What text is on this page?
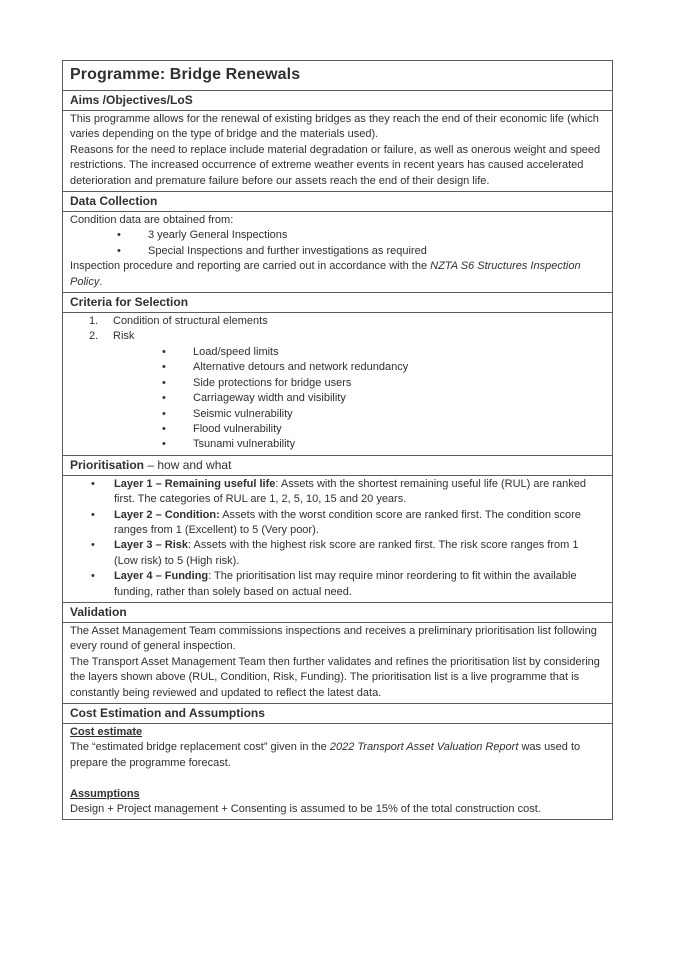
Programme: Bridge Renewals
Aims /Objectives/LoS

This programme allows for the renewal of existing bridges as they reach the end of their economic life (which varies depending on the type of bridge and the materials used).

Reasons for the need to replace include material degradation or failure, as well as onerous weight and speed restrictions. The increased occurrence of extreme weather events in recent years has caused accelerated deterioration and premature failure before our assets reach the end of their design life.

Data Collection

Condition data are obtained from:

• 3 yearly General Inspections
• Special Inspections and further investigations as required

Inspection procedure and reporting are carried out in accordance with the NZTA S6 Structures Inspection Policy.

Criteria for Selection
1. Condition of structural elements
2. Risk
• Load/speed limits
• Alternative detours and network redundancy
• Side protections for bridge users
• Carriageway width and visibility
• Seismic vulnerability
• Flood vulnerability
• Tsunami vulnerability
Prioritisation – how and what
• Layer 1 – Remaining useful life: Assets with the shortest remaining useful life (RUL) are ranked first. The categories of RUL are 1, 2, 5, 10, 15 and 20 years.
• Layer 2 – Condition: Assets with the worst condition score are ranked first. The condition score ranges from 1 (Excellent) to 5 (Very poor).
• Layer 3 – Risk: Assets with the highest risk score are ranked first. The risk score ranges from 1 (Low risk) to 5 (High risk).
• Layer 4 – Funding: The prioritisation list may require minor reordering to fit within the available funding, rather than solely based on actual need.
Validation

The Asset Management Team commissions inspections and receives a preliminary prioritisation list following every round of general inspection.

The Transport Asset Management Team then further validates and refines the prioritisation list by considering the layers shown above (RUL, Condition, Risk, Funding). The prioritisation list is a live programme that is constantly being reviewed and updated to reflect the latest data.

Cost Estimation and Assumptions

Cost estimate

The “estimated bridge replacement cost” given in the 2022 Transport Asset Valuation Report was used to prepare the programme forecast.

Assumptions

Design + Project management + Consenting is assumed to be 15% of the total construction cost.
